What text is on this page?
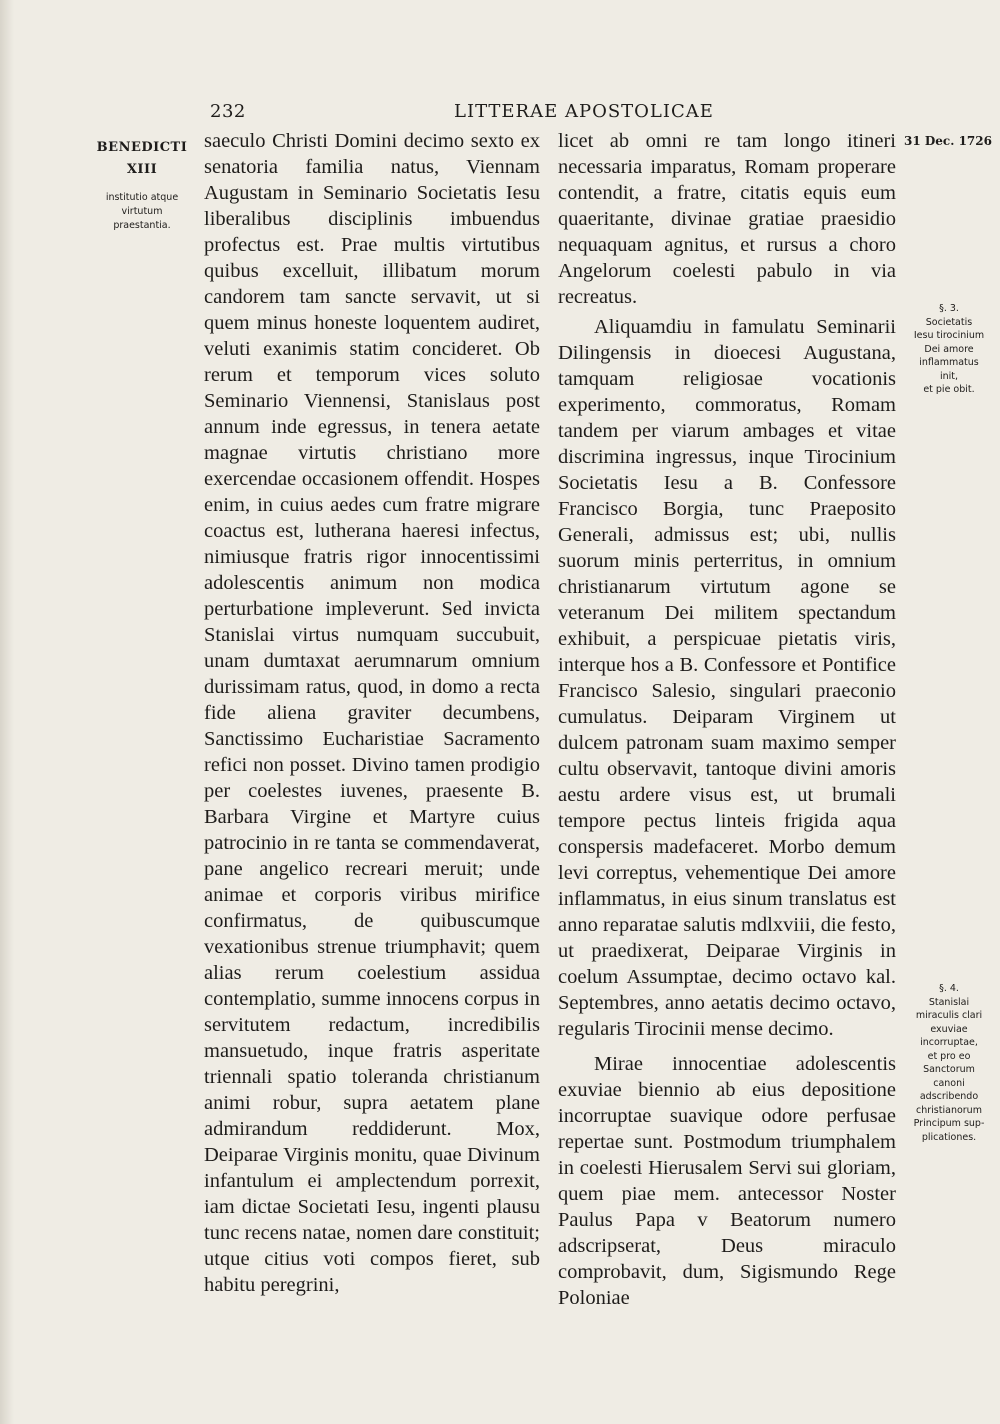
232	LITTERAE APOSTOLICAE
BENEDICTI
XIII
institutio atque
virtutum
praestantia.

saeculo Christi Domini decimo sexto ex senatoria familia natus, Viennam Augustam in Seminario Societatis Iesu liberalibus disciplinis imbuendus profectus est. Prae multis virtutibus quibus excelluit, illibatum morum candorem tam sancte servavit, ut si quem minus honeste loquentem audiret, veluti exanimis statim concideret. Ob rerum et temporum vices soluto Seminario Viennensi, Stanislaus post annum inde egressus, in tenera aetate magnae virtutis christiano more exercendae occasionem offendit. Hospes enim, in cuius aedes cum fratre migrare coactus est, lutherana haeresi infectus, nimiusque fratris rigor innocentissimi adolescentis animum non modica perturbatione impleverunt. Sed invicta Stanislai virtus numquam succubuit, unam dumtaxat aerumnarum omnium durissimam ratus, quod, in domo a recta fide aliena graviter decumbens, Sanctissimo Eucharistiae Sacramento refici non posset. Divino tamen prodigio per coelestes iuvenes, praesente B. Barbara Virgine et Martyre cuius patrocinio in re tanta se commendaverat, pane angelico recreari meruit; unde animae et corporis viribus mirifice confirmatus, de quibuscumque vexationibus strenue triumphavit; quem alias rerum coelestium assidua contemplatio, summe innocens corpus in servitutem redactum, incredibilis mansuetudo, inque fratris asperitate triennali spatio toleranda christianum animi robur, supra aetatem plane admirandum reddiderunt. Mox, Deiparae Virginis monitu, quae Divinum infantulum ei amplectendum porrexit, iam dictae Societati Iesu, ingenti plausu tunc recens natae, nomen dare constituit; utque citius voti compos fieret, sub habitu peregrini,

licet ab omni re tam longo itineri necessaria imparatus, Romam properare contendit, a fratre, citatis equis eum quaeritante, divinae gratiae praesidio nequaquam agnitus, et rursus a choro Angelorum coelesti pabulo in via recreatus.

Aliquamdiu in famulatu Seminarii Dilingensis in dioecesi Augustana, tamquam religiosae vocationis experimento, commoratus, Romam tandem per viarum ambages et vitae discrimina ingressus, inque Tirocinium Societatis Iesu a B. Confessore Francisco Borgia, tunc Praeposito Generali, admissus est; ubi, nullis suorum minis perterritus, in omnium christianarum virtutum agone se veteranum Dei militem spectandum exhibuit, a perspicuae pietatis viris, interque hos a B. Confessore et Pontifice Francisco Salesio, singulari praeconio cumulatus. Deiparam Virginem ut dulcem patronam suam maximo semper cultu observavit, tantoque divini amoris aestu ardere visus est, ut brumali tempore pectus linteis frigida aqua conspersis madefaceret. Morbo demum levi correptus, vehementique Dei amore inflammatus, in eius sinum translatus est anno reparatae salutis mdlxviii, die festo, ut praedixerat, Deiparae Virginis in coelum Assumptae, decimo octavo kal. Septembres, anno aetatis decimo octavo, regularis Tirocinii mense decimo.

Mirae innocentiae adolescentis exuviae biennio ab eius depositione incorruptae suavique odore perfusae repertae sunt. Postmodum triumphalem in coelesti Hierusalem Servi sui gloriam, quem piae mem. antecessor Noster Paulus Papa v Beatorum numero adscripserat, Deus miraculo comprobavit, dum, Sigismundo Rege Poloniae

31 Dec. 1726
§. 3.
Societatis
Iesu tirocinium
Dei amore
inflammatus
init,
et pie obit.
§. 4.
Stanislai
miraculis clari
exuviae
incorruptae,
et pro eo
Sanctorum
canoni
adscribendo
christianorum
Principum sup-
plicationes.
